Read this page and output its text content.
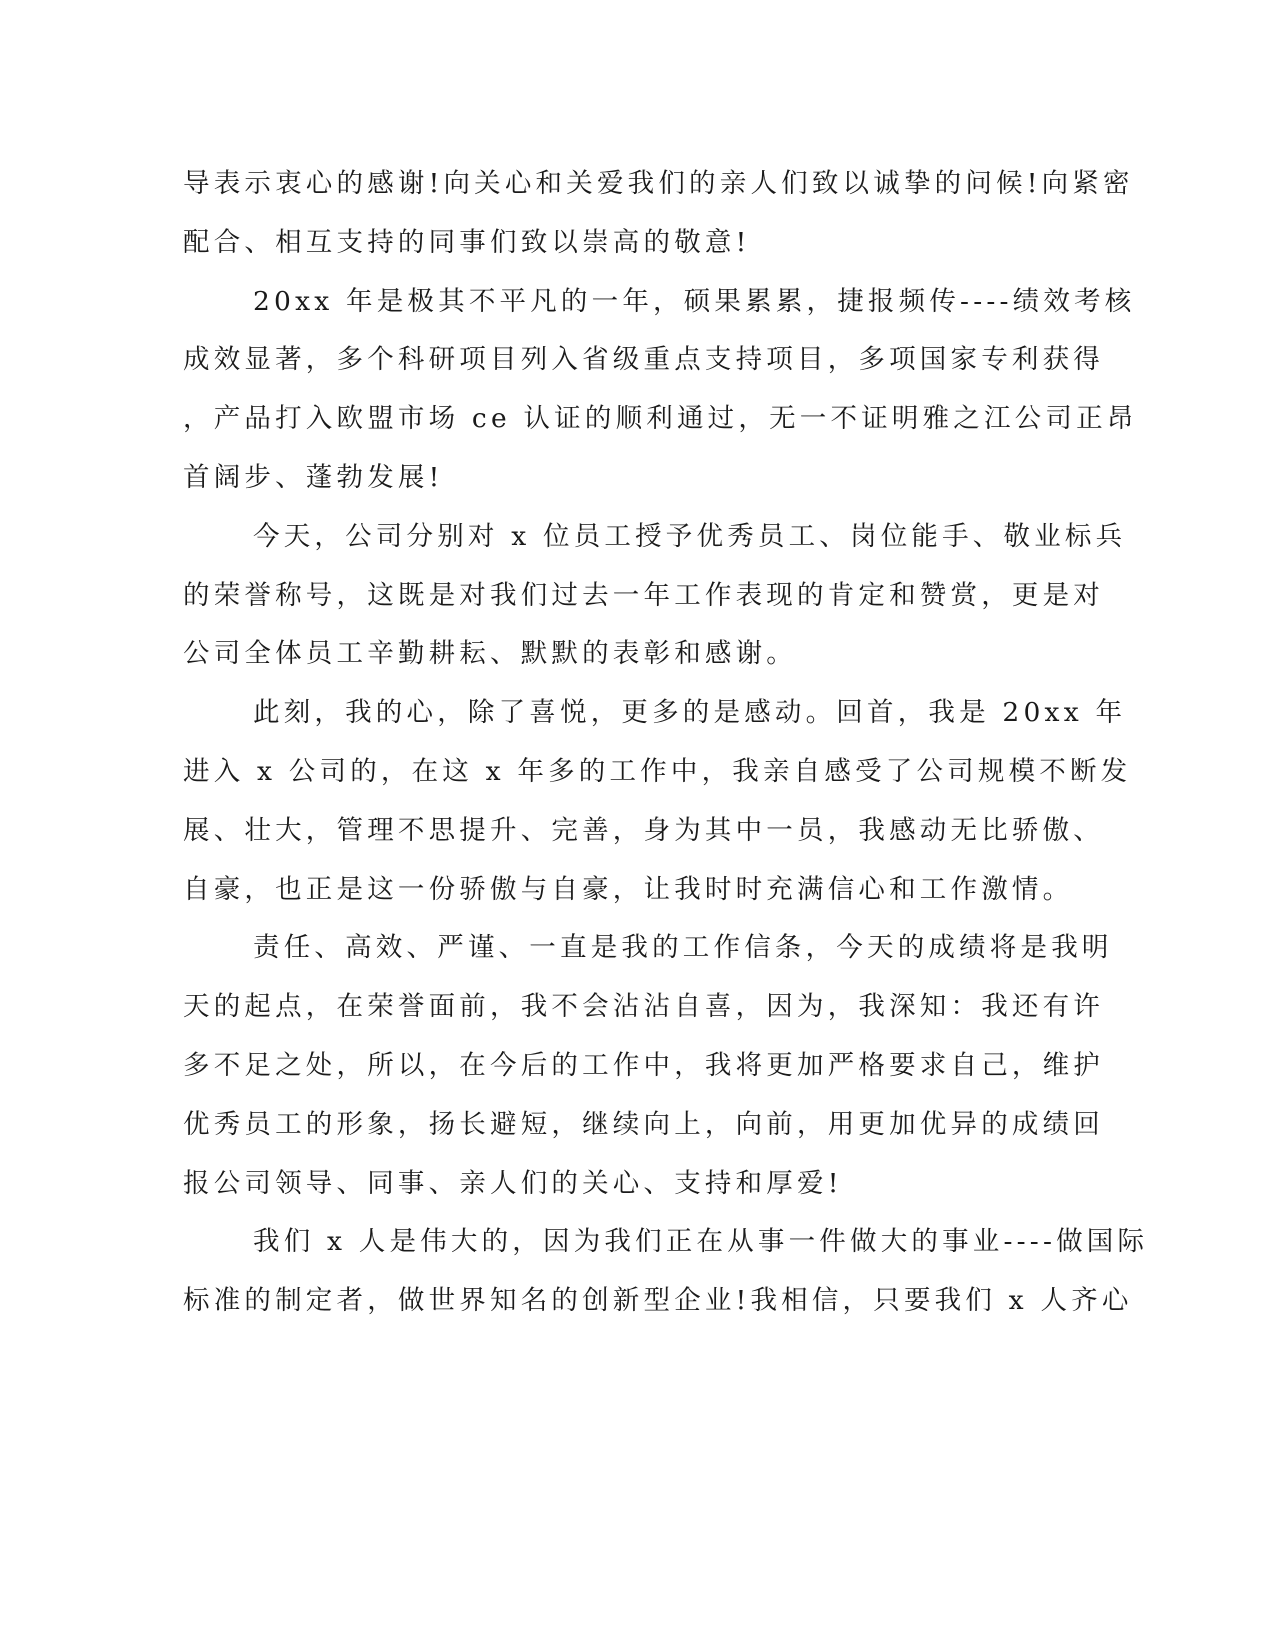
导表示衷心的感谢!向关心和关爱我们的亲人们致以诚挚的问候!向紧密
配合、相互支持的同事们致以崇高的敬意!
20xx 年是极其不平凡的一年，硕果累累，捷报频传----绩效考核
成效显著，多个科研项目列入省级重点支持项目，多项国家专利获得
，产品打入欧盟市场 ce 认证的顺利通过，无一不证明雅之江公司正昂
首阔步、蓬勃发展!
今天，公司分别对 x 位员工授予优秀员工、岗位能手、敬业标兵
的荣誉称号，这既是对我们过去一年工作表现的肯定和赞赏，更是对
公司全体员工辛勤耕耘、默默的表彰和感谢。
此刻，我的心，除了喜悦，更多的是感动。回首，我是 20xx 年
进入 x 公司的，在这 x 年多的工作中，我亲自感受了公司规模不断发
展、壮大，管理不思提升、完善，身为其中一员，我感动无比骄傲、
自豪，也正是这一份骄傲与自豪，让我时时充满信心和工作激情。
责任、高效、严谨、一直是我的工作信条，今天的成绩将是我明
天的起点，在荣誉面前，我不会沾沾自喜，因为，我深知：我还有许
多不足之处，所以，在今后的工作中，我将更加严格要求自己，维护
优秀员工的形象，扬长避短，继续向上，向前，用更加优异的成绩回
报公司领导、同事、亲人们的关心、支持和厚爱!
我们 x 人是伟大的，因为我们正在从事一件做大的事业----做国际
标准的制定者，做世界知名的创新型企业!我相信，只要我们 x 人齐心
